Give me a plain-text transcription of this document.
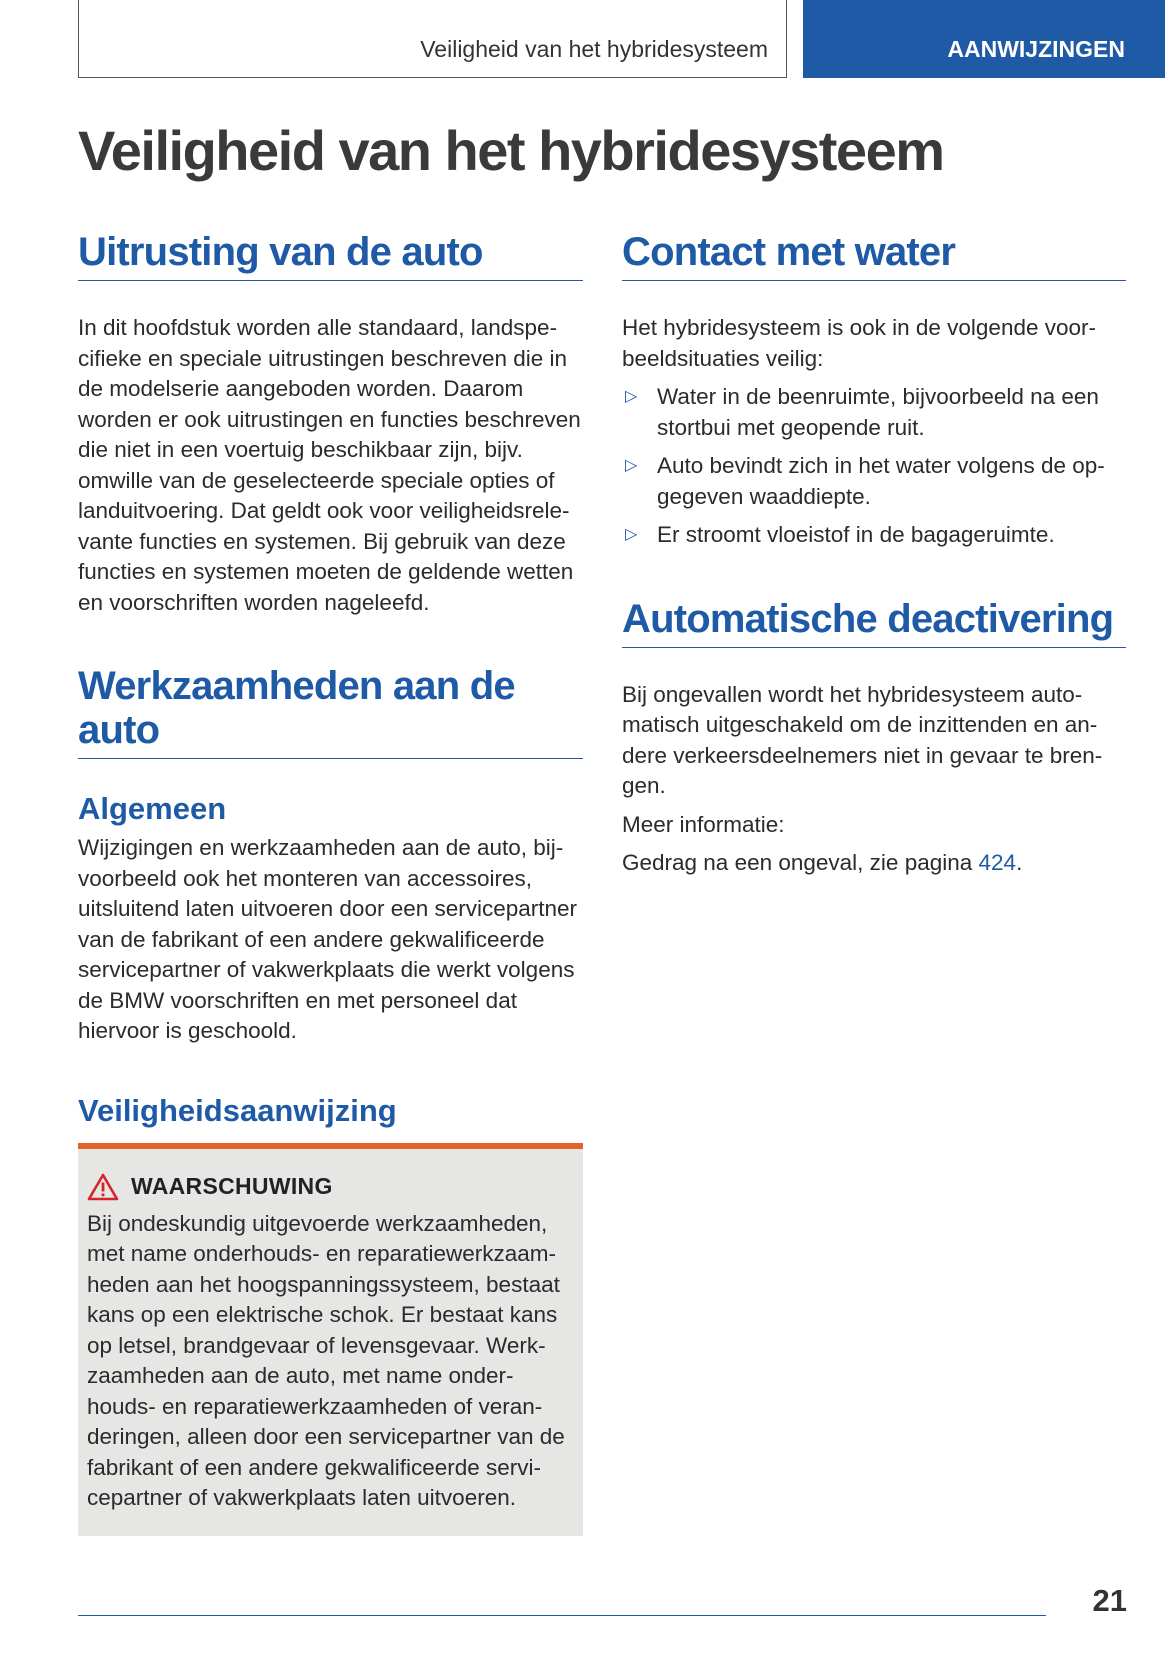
Veiligheid van het hybridesysteem	AANWIJZINGEN
Veiligheid van het hybridesysteem
Uitrusting van de auto

In dit hoofdstuk worden alle standaard, landspecifieke en speciale uitrustingen beschreven die in de modelserie aangeboden worden. Daarom worden er ook uitrustingen en functies beschreven die niet in een voertuig beschikbaar zijn, bijv. omwille van de geselecteerde speciale opties of landuitvoering. Dat geldt ook voor veiligheidsrelevante functies en systemen. Bij gebruik van deze functies en systemen moeten de geldende wetten en voorschriften worden nageleefd.

Werkzaamheden aan de auto
Algemeen

Wijzigingen en werkzaamheden aan de auto, bijvoorbeeld ook het monteren van accessoires, uitsluitend laten uitvoeren door een servicepartner van de fabrikant of een andere gekwalificeerde servicepartner of vakwerkplaats die werkt volgens de BMW voorschriften en met personeel dat hiervoor is geschoold.

Veiligheidsaanwijzing
WAARSCHUWING

Bij ondeskundig uitgevoerde werkzaamheden, met name onderhouds- en reparatiewerkzaamheden aan het hoogspanningssysteem, bestaat kans op een elektrische schok. Er bestaat kans op letsel, brandgevaar of levensgevaar. Werkzaamheden aan de auto, met name onderhouds- en reparatiewerkzaamheden of veranderingen, alleen door een servicepartner van de fabrikant of een andere gekwalificeerde servicepartner of vakwerkplaats laten uitvoeren.

Contact met water

Het hybridesysteem is ook in de volgende voorbeeldsituaties veilig:

▷ Water in de beenruimte, bijvoorbeeld na een stortbui met geopende ruit.
▷ Auto bevindt zich in het water volgens de opgegeven waaddiepte.
▷ Er stroomt vloeistof in de bagageruimte.
Automatische deactivering

Bij ongevallen wordt het hybridesysteem automatisch uitgeschakeld om de inzittenden en andere verkeersdeelnemers niet in gevaar te brengen.

Meer informatie:

Gedrag na een ongeval, zie pagina 424.

21
